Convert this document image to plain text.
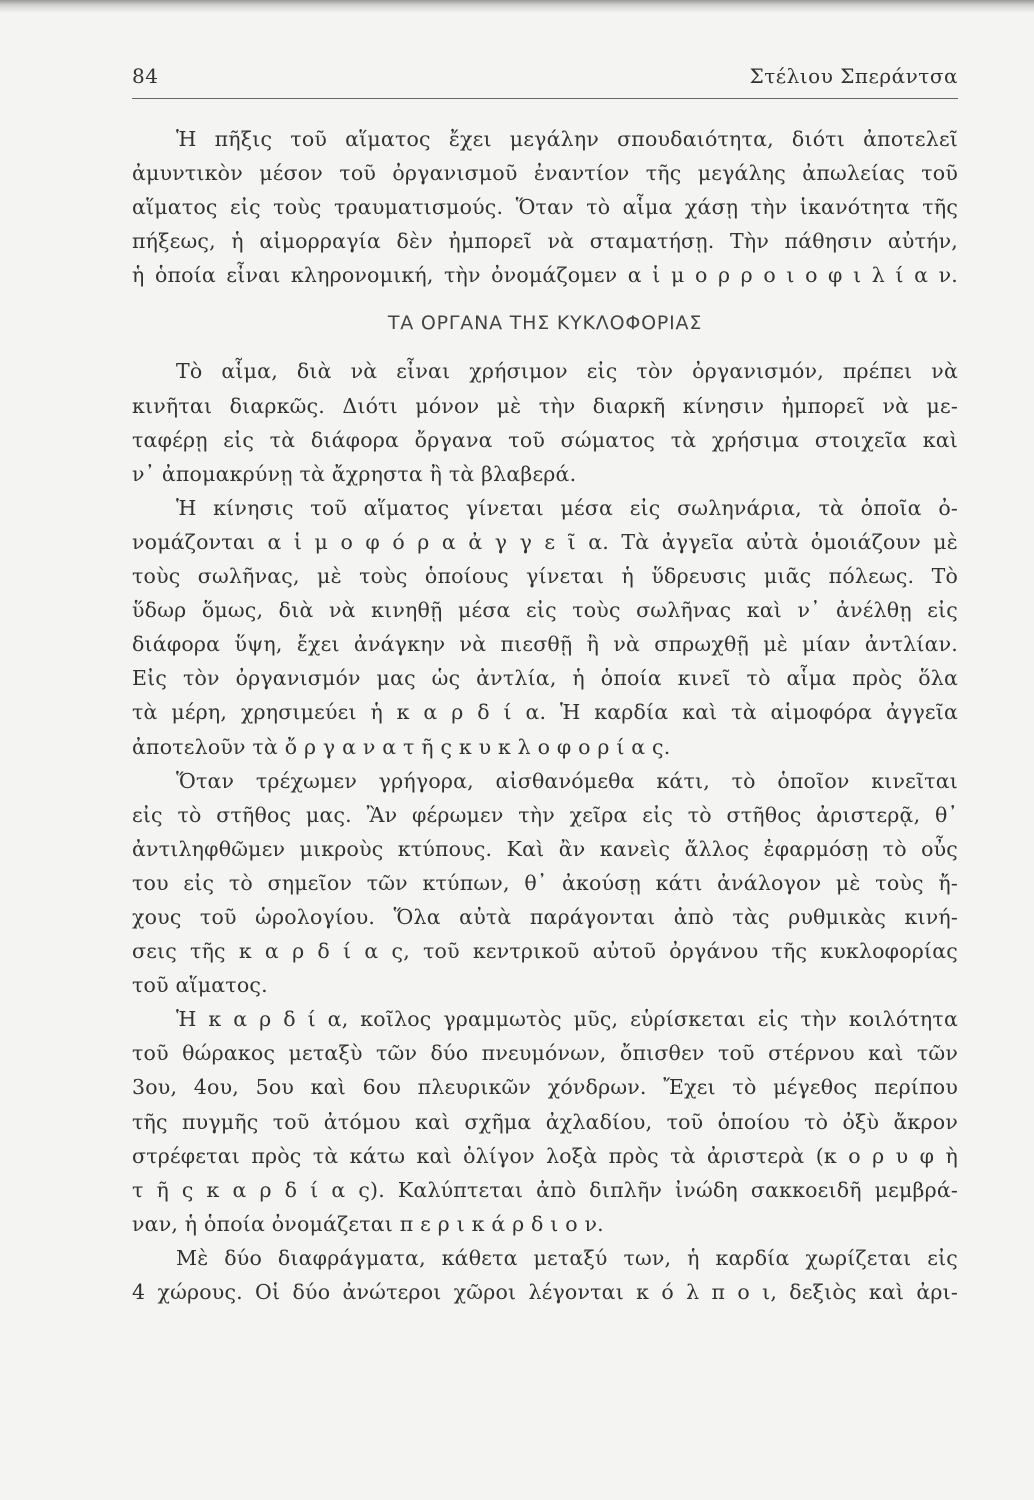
84	Στέλιου Σπεράντσα
Ἡ πῆξις τοῦ αἵματος ἔχει μεγάλην σπουδαιότητα, διότι ἀποτελεῖ
ἀμυντικὸν μέσον τοῦ ὀργανισμοῦ ἐναντίον τῆς μεγάλης ἀπωλείας τοῦ
αἵματος εἰς τοὺς τραυματισμούς. Ὅταν τὸ αἷμα χάσῃ τὴν ἱκανότητα τῆς
πήξεως, ἡ αἱμορραγία δὲν ἠμπορεῖ νὰ σταματήσῃ. Τὴν πάθησιν αὐτήν,
ἡ ὁποία εἶναι κληρονομική, τὴν ὀνομάζομεν α ἱ μ ο ρ ρ ο ι ο φ ι λ ί α ν.
ΤΑ ΟΡΓΑΝΑ ΤΗΣ ΚΥΚΛΟΦΟΡΙΑΣ
Τὸ αἷμα, διὰ νὰ εἶναι χρήσιμον εἰς τὸν ὀργανισμόν, πρέπει νὰ
κινῆται διαρκῶς. Διότι μόνον μὲ τὴν διαρκῆ κίνησιν ἠμπορεῖ νὰ με-
ταφέρῃ εἰς τὰ διάφορα ὄργανα τοῦ σώματος τὰ χρήσιμα στοιχεῖα καὶ
ν᾿ ἀπομακρύνῃ τὰ ἄχρηστα ἢ τὰ βλαβερά.
Ἡ κίνησις τοῦ αἵματος γίνεται μέσα εἰς σωληνάρια, τὰ ὁποῖα ὀ-
νομάζονται α ἱ μ ο φ ό ρ α ἀ γ γ ε ῖ α. Τὰ ἀγγεῖα αὐτὰ ὁμοιάζουν μὲ
τοὺς σωλῆνας, μὲ τοὺς ὁποίους γίνεται ἡ ὕδρευσις μιᾶς πόλεως. Τὸ
ὕδωρ ὅμως, διὰ νὰ κινηθῇ μέσα εἰς τοὺς σωλῆνας καὶ ν᾿ ἀνέλθῃ εἰς
διάφορα ὕψη, ἔχει ἀνάγκην νὰ πιεσθῇ ἢ νὰ σπρωχθῇ μὲ μίαν ἀντλίαν.
Εἰς τὸν ὀργανισμόν μας ὡς ἀντλία, ἡ ὁποία κινεῖ τὸ αἷμα πρὸς ὅλα
τὰ μέρη, χρησιμεύει ἡ κ α ρ δ ί α. Ἡ καρδία καὶ τὰ αἱμοφόρα ἀγγεῖα
ἀποτελοῦν τὰ ὄ ρ γ α ν α τ ῆ ς κ υ κ λ ο φ ο ρ ί α ς.
Ὅταν τρέχωμεν γρήγορα, αἰσθανόμεθα κάτι, τὸ ὁποῖον κινεῖται
εἰς τὸ στῆθος μας. Ἂν φέρωμεν τὴν χεῖρα εἰς τὸ στῆθος ἀριστερᾷ, θ᾿
ἀντιληφθῶμεν μικροὺς κτύπους. Καὶ ἂν κανεὶς ἄλλος ἐφαρμόσῃ τὸ οὖς
του εἰς τὸ σημεῖον τῶν κτύπων, θ᾿ ἀκούσῃ κάτι ἀνάλογον μὲ τοὺς ἤ-
χους τοῦ ὡρολογίου. Ὅλα αὐτὰ παράγονται ἀπὸ τὰς ρυθμικὰς κινή-
σεις τῆς κ α ρ δ ί α ς, τοῦ κεντρικοῦ αὐτοῦ ὀργάνου τῆς κυκλοφορίας
τοῦ αἵματος.
Ἡ κ α ρ δ ί α, κοῖλος γραμμωτὸς μῦς, εὑρίσκεται εἰς τὴν κοιλότητα
τοῦ θώρακος μεταξὺ τῶν δύο πνευμόνων, ὄπισθεν τοῦ στέρνου καὶ τῶν
3ου, 4ου, 5ου καὶ 6ου πλευρικῶν χόνδρων. Ἔχει τὸ μέγεθος περίπου
τῆς πυγμῆς τοῦ ἀτόμου καὶ σχῆμα ἀχλαδίου, τοῦ ὁποίου τὸ ὀξὺ ἄκρον
στρέφεται πρὸς τὰ κάτω καὶ ὀλίγον λοξὰ πρὸς τὰ ἀριστερὰ (κ ο ρ υ φ ὴ
τ ῆ ς κ α ρ δ ί α ς). Καλύπτεται ἀπὸ διπλῆν ἰνώδη σακκοειδῆ μεμβρά-
ναν, ἡ ὁποία ὀνομάζεται π ε ρ ι κ ά ρ δ ι ο ν.
Μὲ δύο διαφράγματα, κάθετα μεταξύ των, ἡ καρδία χωρίζεται εἰς
4 χώρους. Οἱ δύο ἀνώτεροι χῶροι λέγονται κ ό λ π ο ι, δεξιὸς καὶ ἀρι-
